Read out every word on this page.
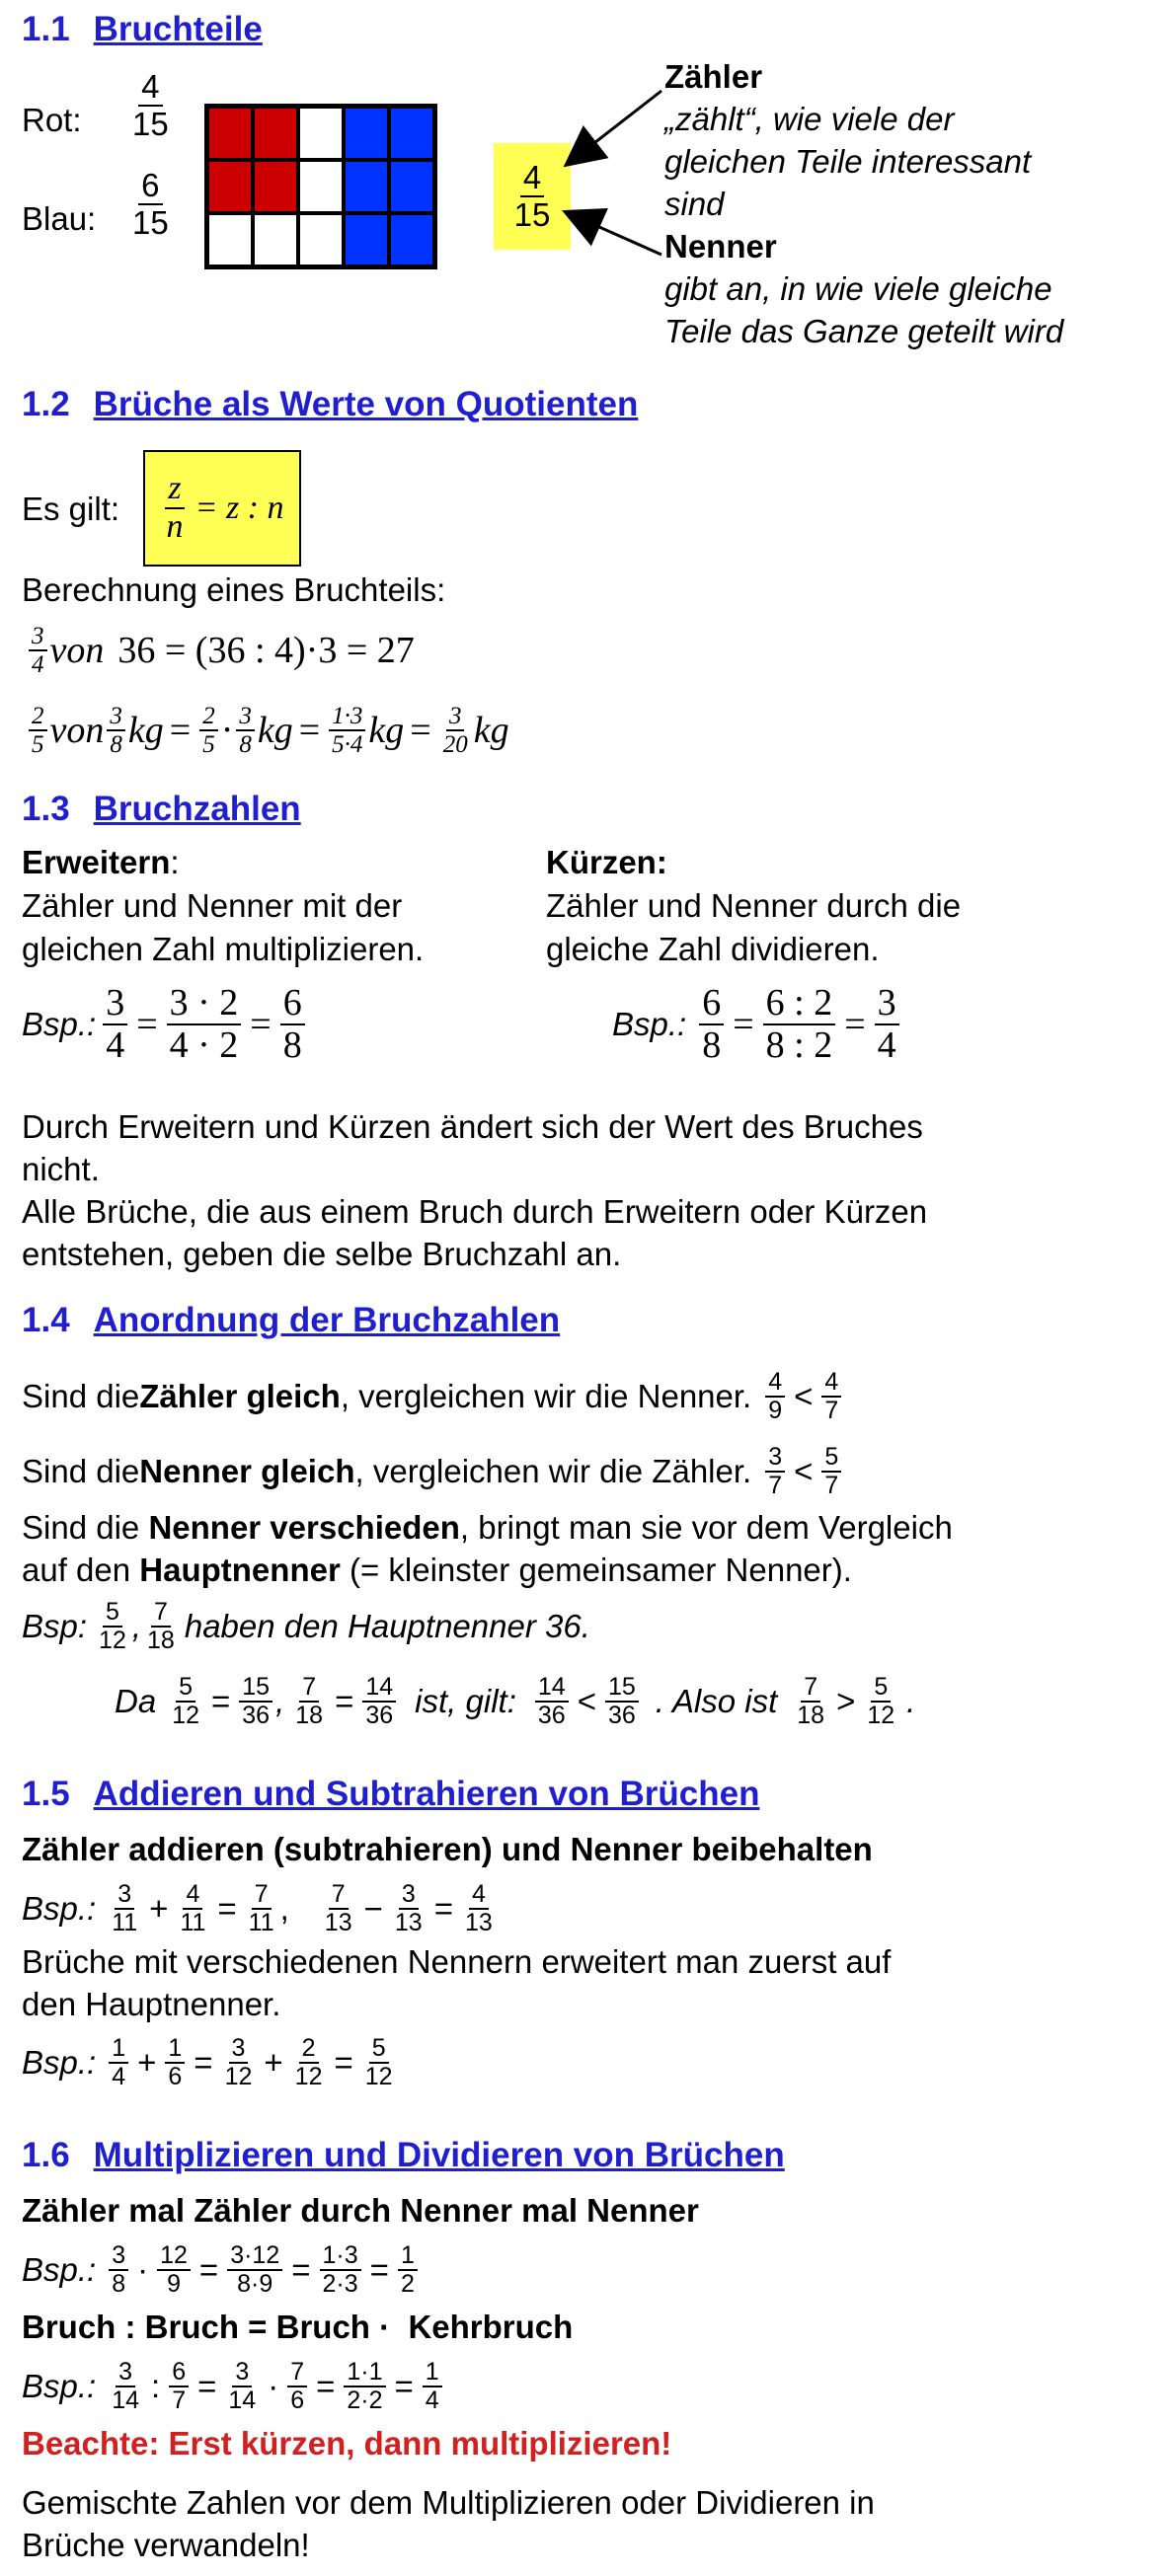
1.1 Bruchteile
Rot: $\frac{4}{15}$
Blau: $\frac{6}{15}$	$\frac{4}{15}$
Zähler
„zählt“, wie viele der
gleichen Teile interessant
sind
Nenner
gibt an, in wie viele gleiche
Teile das Ganze geteilt wird
1.2 Brüche als Werte von Quotienten
Es gilt: $\frac{z}{n} = z$ : n
Berechnung eines Bruchteils:
$\frac{3}{4}$ von 36 = (36 : 4)·3 = 27
$\frac{2}{5}$ von $\frac{3}{8}$ kg = $\frac{2}{5} \cdot \frac{3}{8}$ kg = $\frac{1\cdot 3}{5\cdot 4}$ kg = $\frac{3}{20}$ kg
1.3 Bruchzahlen
Erweitern:
Zähler und Nenner mit der
gleichen Zahl multiplizieren.
Kürzen:
Zähler und Nenner durch die
gleiche Zahl dividieren.
Bsp.: $\frac{3}{4} = \frac{3 \cdot 2}{4 \cdot 2} = \frac{6}{8}$	Bsp.: $\frac{6}{8} = \frac{6 : 2}{8 : 2} = \frac{3}{4}$
Durch Erweitern und Kürzen ändert sich der Wert des Bruches
nicht.
Alle Brüche, die aus einem Bruch durch Erweitern oder Kürzen
entstehen, geben die selbe Bruchzahl an.
1.4 Anordnung der Bruchzahlen
Sind die Zähler gleich , vergleichen wir die Nenner. $\frac{4}{9} < \frac{4}{7}$
Sind die Nenner gleich , vergleichen wir die Zähler. $\frac{3}{7} < \frac{5}{7}$
Sind die Nenner verschieden, bringt man sie vor dem Vergleich
auf den Hauptnenner (= kleinster gemeinsamer Nenner).
Bsp: $\frac{5}{12}$ , $\frac{7}{18}$ haben den Hauptnenner 36.
Da $\frac{5}{12} = \frac{15}{36}$ , $\frac{7}{18} = \frac{14}{36}$ ist, gilt: $\frac{14}{36} < \frac{15}{36}$ . Also ist $\frac{7}{18} > \frac{5}{12}$ .
1.5 Addieren und Subtrahieren von Brüchen
Zähler addieren (subtrahieren) und Nenner beibehalten
Bsp.: $\frac{3}{11} + \frac{4}{11} = \frac{7}{11}$ , $\frac{7}{13} - \frac{3}{13} = \frac{4}{13}$
Brüche mit verschiedenen Nennern erweitert man zuerst auf
den Hauptnenner.
Bsp.: $\frac{1}{4} + \frac{1}{6} = \frac{3}{12} + \frac{2}{12} = \frac{5}{12}$
1.6 Multiplizieren und Dividieren von Brüchen
Zähler mal Zähler durch Nenner mal Nenner
Bsp.: $\frac{3}{8} \cdot \frac{12}{9} = \frac{3\cdot 12}{8\cdot 9} = \frac{1\cdot 3}{2\cdot 3} = \frac{1}{2}$
Bruch : Bruch = Bruch ·  Kehrbruch
Bsp.: $\frac{3}{14}$ : $\frac{6}{7} = \frac{3}{14} \cdot \frac{7}{6} = \frac{1\cdot 1}{2\cdot 2} = \frac{1}{4}$
Beachte: Erst kürzen, dann multiplizieren!
Gemischte Zahlen vor dem Multiplizieren oder Dividieren in
Brüche verwandeln!
